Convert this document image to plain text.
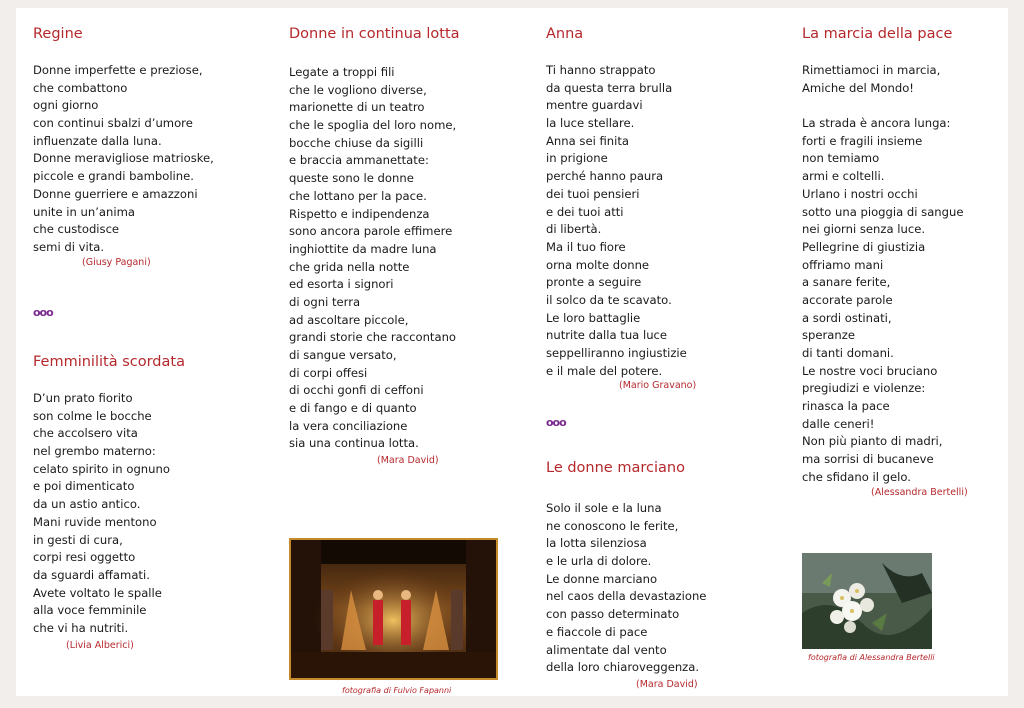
Regine
Donne imperfette e preziose,
che combattono
ogni giorno
con continui sbalzi d’umore
influenzate dalla luna.
Donne meravigliose matrioske,
piccole e grandi bamboline.
Donne guerriere e amazzoni
unite in un’anima
che custodisce
semi di vita.
(Giusy Pagani)
ooo
Femminilità scordata
D’un prato fiorito
son colme le bocche
che accolsero vita
nel grembo materno:
celato spirito in ognuno
e poi dimenticato
da un astio antico.
Mani ruvide mentono
in gesti di cura,
corpi resi oggetto
da sguardi affamati.
Avete voltato le spalle
alla voce femminile
che vi ha nutriti.
(Livia Alberici)
Donne in continua lotta
Legate a troppi fili
che le vogliono diverse,
marionette di un teatro
che le spoglia del loro nome,
bocche chiuse da sigilli
e braccia ammanettate:
queste sono le donne
che lottano per la pace.
Rispetto e indipendenza
sono ancora parole effimere
inghiottite da madre luna
che grida nella notte
ed esorta i signori
di ogni terra
ad ascoltare piccole,
grandi storie che raccontano
di sangue versato,
di corpi offesi
di occhi gonfi di ceffoni
e di fango e di quanto
la vera conciliazione
sia una continua lotta.
(Mara David)
fotografia di Fulvio Fapanni
Anna
Ti hanno strappato
da questa terra brulla
mentre guardavi
la luce stellare.
Anna sei finita
in prigione
perché hanno paura
dei tuoi pensieri
e dei tuoi atti
di libertà.
Ma il tuo fiore
orna molte donne
pronte a seguire
il solco da te scavato.
Le loro battaglie
nutrite dalla tua luce
seppelliranno ingiustizie
e il male del potere.
(Mario Gravano)
ooo
Le donne marciano
Solo il sole e la luna
ne conoscono le ferite,
la lotta silenziosa
e le urla di dolore.
Le donne marciano
nel caos della devastazione
con passo determinato
e fiaccole di pace
alimentate dal vento
della loro chiaroveggenza.
(Mara David)
La marcia della pace
Rimettiamoci in marcia,
Amiche del Mondo!
La strada è ancora lunga:
forti e fragili insieme
non temiamo
armi e coltelli.
Urlano i nostri occhi
sotto una pioggia di sangue
nei giorni senza luce.
Pellegrine di giustizia
offriamo mani
a sanare ferite,
accorate parole
a sordi ostinati,
speranze
di tanti domani.
Le nostre voci bruciano
pregiudizi e violenze:
rinasca la pace
dalle ceneri!
Non più pianto di madri,
ma sorrisi di bucaneve
che sfidano il gelo.
(Alessandra Bertelli)
fotografia di Alessandra Bertelli
